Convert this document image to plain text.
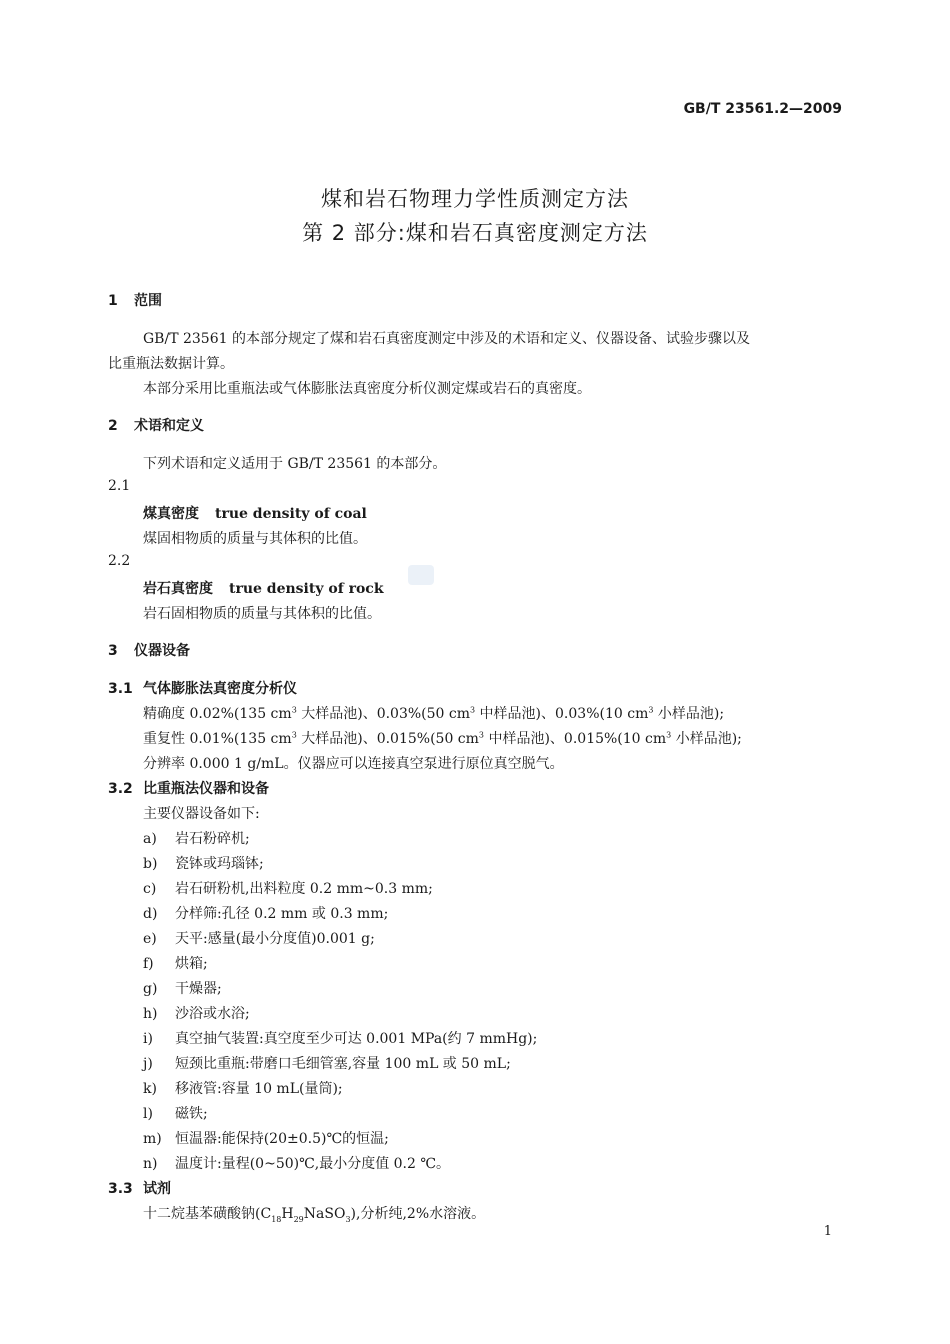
GB/T 23561.2—2009
煤和岩石物理力学性质测定方法
第 2 部分:煤和岩石真密度测定方法
1 范围
GB/T 23561 的本部分规定了煤和岩石真密度测定中涉及的术语和定义、仪器设备、试验步骤以及
比重瓶法数据计算。
本部分采用比重瓶法或气体膨胀法真密度分析仪测定煤或岩石的真密度。
2 术语和定义
下列术语和定义适用于 GB/T 23561 的本部分。
2.1
煤真密度 true density of coal
煤固相物质的质量与其体积的比值。
2.2
岩石真密度 true density of rock
岩石固相物质的质量与其体积的比值。
3 仪器设备
3.1 气体膨胀法真密度分析仪
精确度 0.02%(135 $cm^3$ 大样品池)、0.03%(50 $cm^3$ 中样品池)、0.03%(10 $cm^3$ 小样品池);
重复性 0.01%(135 $cm^3$ 大样品池)、0.015%(50 $cm^3$ 中样品池)、0.015%(10 $cm^3$ 小样品池);
分辨率 0.000 1 g/mL。仪器应可以连接真空泵进行原位真空脱气。
3.2 比重瓶法仪器和设备
主要仪器设备如下:
a) 岩石粉碎机;
b) 瓷钵或玛瑙钵;
c) 岩石研粉机,出料粒度 0.2 mm~0.3 mm;
d) 分样筛:孔径 0.2 mm 或 0.3 mm;
e) 天平:感量(最小分度值)0.001 g;
f) 烘箱;
g) 干燥器;
h) 沙浴或水浴;
i) 真空抽气装置:真空度至少可达 0.001 MPa(约 7 mmHg);
j) 短颈比重瓶:带磨口毛细管塞,容量 100 mL 或 50 mL;
k) 移液管:容量 10 mL(量筒);
l) 磁铁;
m) 恒温器:能保持(20±0.5)℃的恒温;
n) 温度计:量程(0~50)℃,最小分度值 0.2 ℃。
3.3 试剂
十二烷基苯磺酸钠$(C_{18}H_{29}NaSO_3)$,分析纯,2%水溶液。
1
